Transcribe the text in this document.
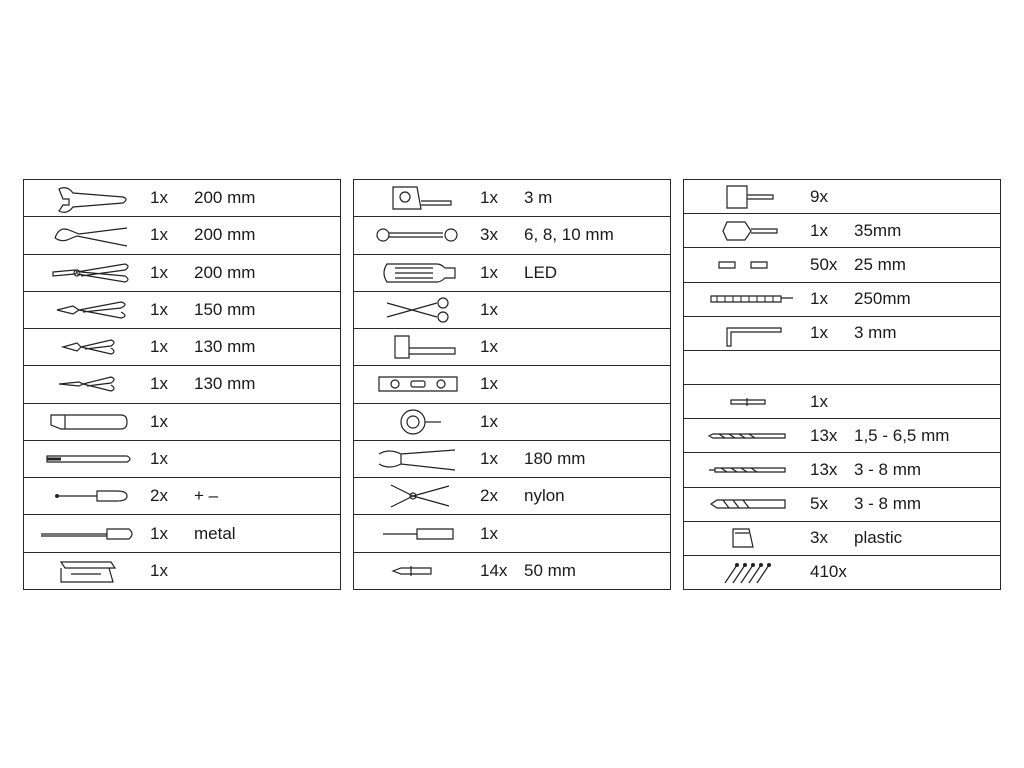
1x 200 mm
1x 200 mm
1x 200 mm
1x 150 mm
1x 130 mm
1x 130 mm
1x
1x
2x + –
1x metal
1x
1x 3 m
3x 6, 8, 10 mm
1x LED
1x
1x
1x
1x
1x 180 mm
2x nylon
1x
14x 50 mm
9x
1x 35mm
50x 25 mm
1x 250mm
1x 3 mm
1x
13x 1,5 - 6,5 mm
13x 3 - 8 mm
5x 3 - 8 mm
3x plastic
410x
